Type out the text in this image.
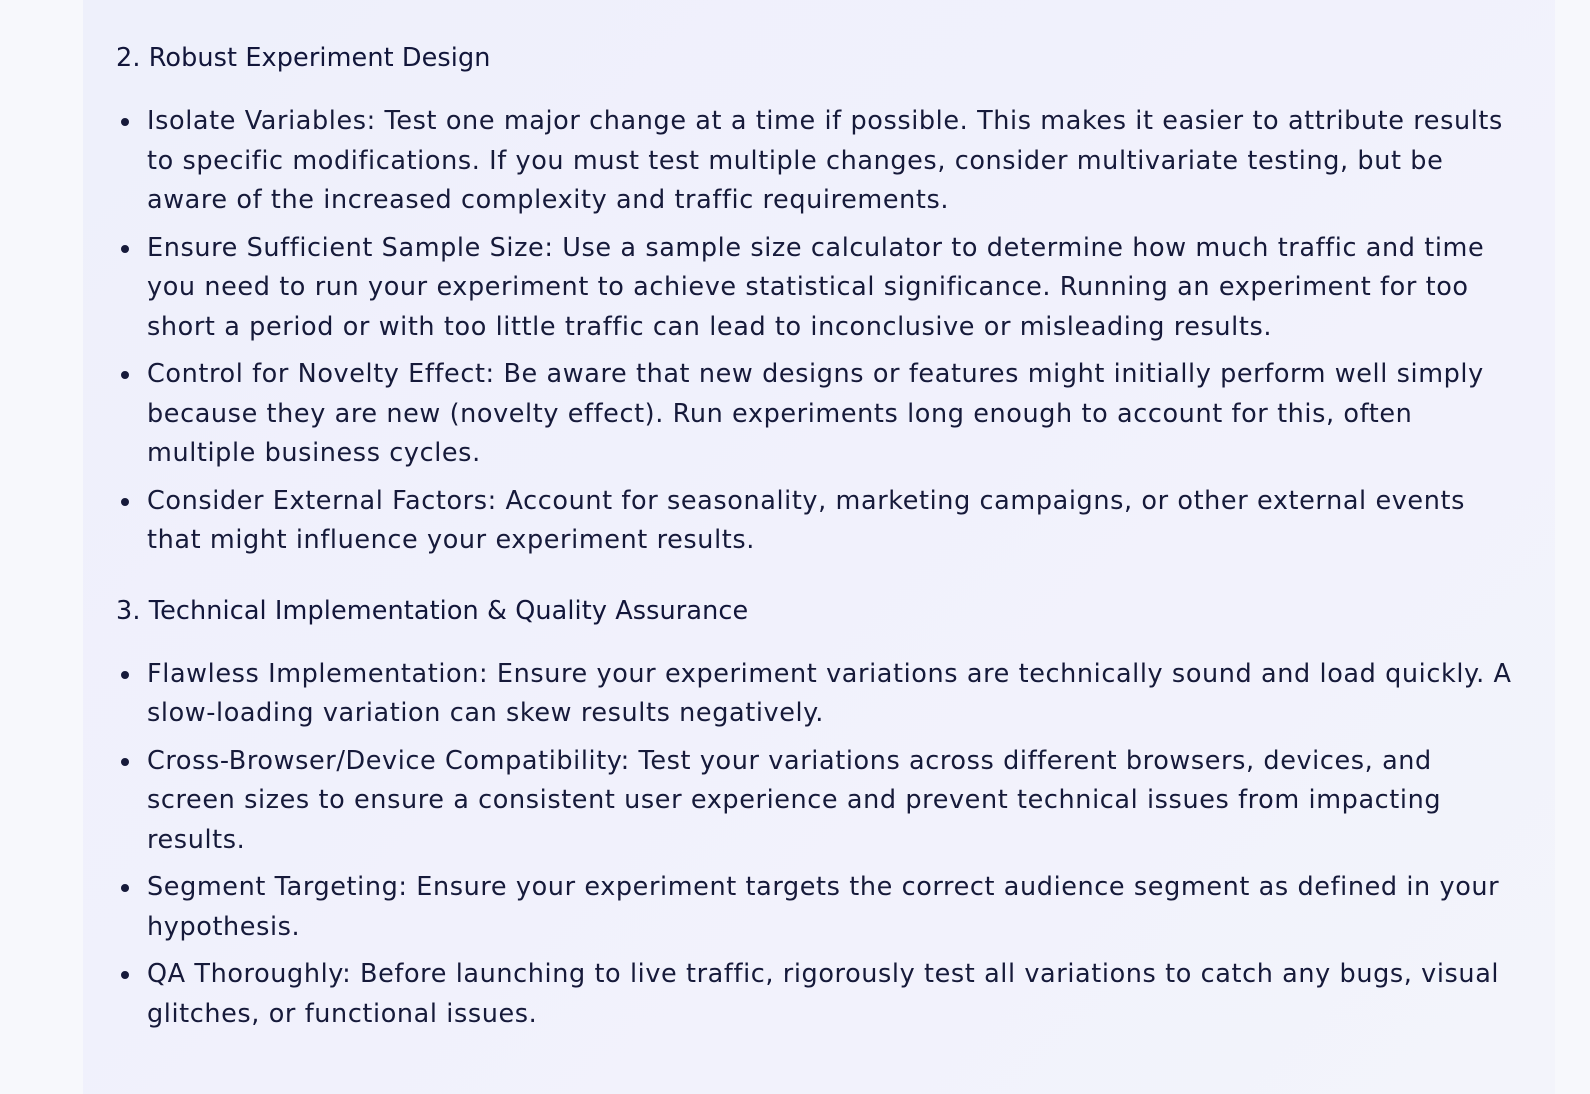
2. Robust Experiment Design
Isolate Variables: Test one major change at a time if possible. This makes it easier to attribute results to specific modifications. If you must test multiple changes, consider multivariate testing, but be aware of the increased complexity and traffic requirements.
Ensure Sufficient Sample Size: Use a sample size calculator to determine how much traffic and time you need to run your experiment to achieve statistical significance. Running an experiment for too short a period or with too little traffic can lead to inconclusive or misleading results.
Control for Novelty Effect: Be aware that new designs or features might initially perform well simply because they are new (novelty effect). Run experiments long enough to account for this, often multiple business cycles.
Consider External Factors: Account for seasonality, marketing campaigns, or other external events that might influence your experiment results.
3. Technical Implementation & Quality Assurance
Flawless Implementation: Ensure your experiment variations are technically sound and load quickly. A slow-loading variation can skew results negatively.
Cross-Browser/Device Compatibility: Test your variations across different browsers, devices, and screen sizes to ensure a consistent user experience and prevent technical issues from impacting results.
Segment Targeting: Ensure your experiment targets the correct audience segment as defined in your hypothesis.
QA Thoroughly: Before launching to live traffic, rigorously test all variations to catch any bugs, visual glitches, or functional issues.
